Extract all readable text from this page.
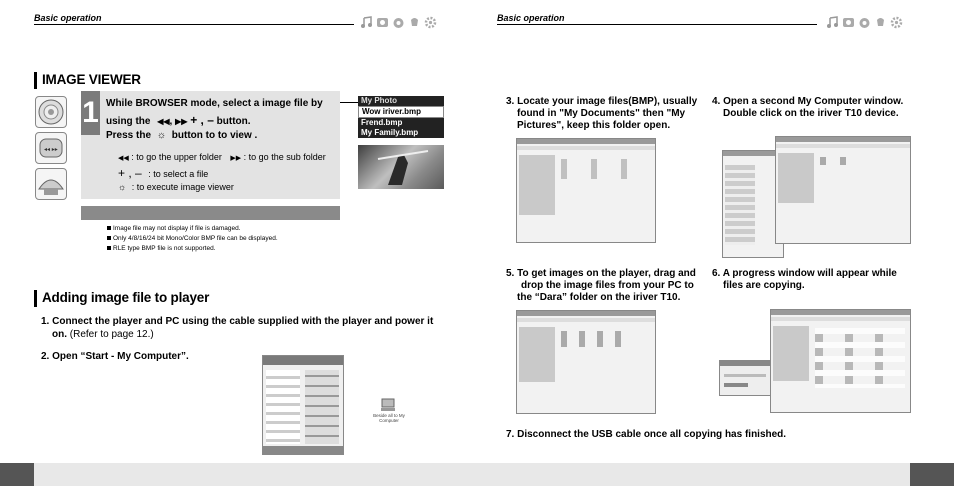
Basic operation	Basic operation
IMAGE VIEWER
◂◂ ▸▸
1 While BROWSER mode, select a image file by
using the ◀◀, ▶▶ + , – button.
Press the ☼ button to to view .
◀◀ : to go the upper folder ▶▶ : to go the sub folder
+ , – : to select a file
☼ : to execute image viewer
My Photo
Wow iriver.bmp
Frend.bmp
My Family.bmp
Image file may not display if file is damaged.
Only 4/8/16/24 bit Mono/Color BMP file can be displayed.
RLE type BMP file is not supported.
Adding image file to player
1. Connect the player and PC using the cable supplied with the player and power it
on. (Refer to page 12.)
2. Open “Start - My Computer”.
Beside all to My Computer
3. Locate your image files(BMP), usually
found in "My Documents" then "My
Pictures", keep this folder open.
4. Open a second My Computer window.
Double click on the iriver T10 device.
5. To get images on the player, drag and
drop the image files from your PC to
the “Dara” folder on the iriver T10.
6. A progress window will appear while
files are copying.
7. Disconnect the USB cable once all copying has finished.
